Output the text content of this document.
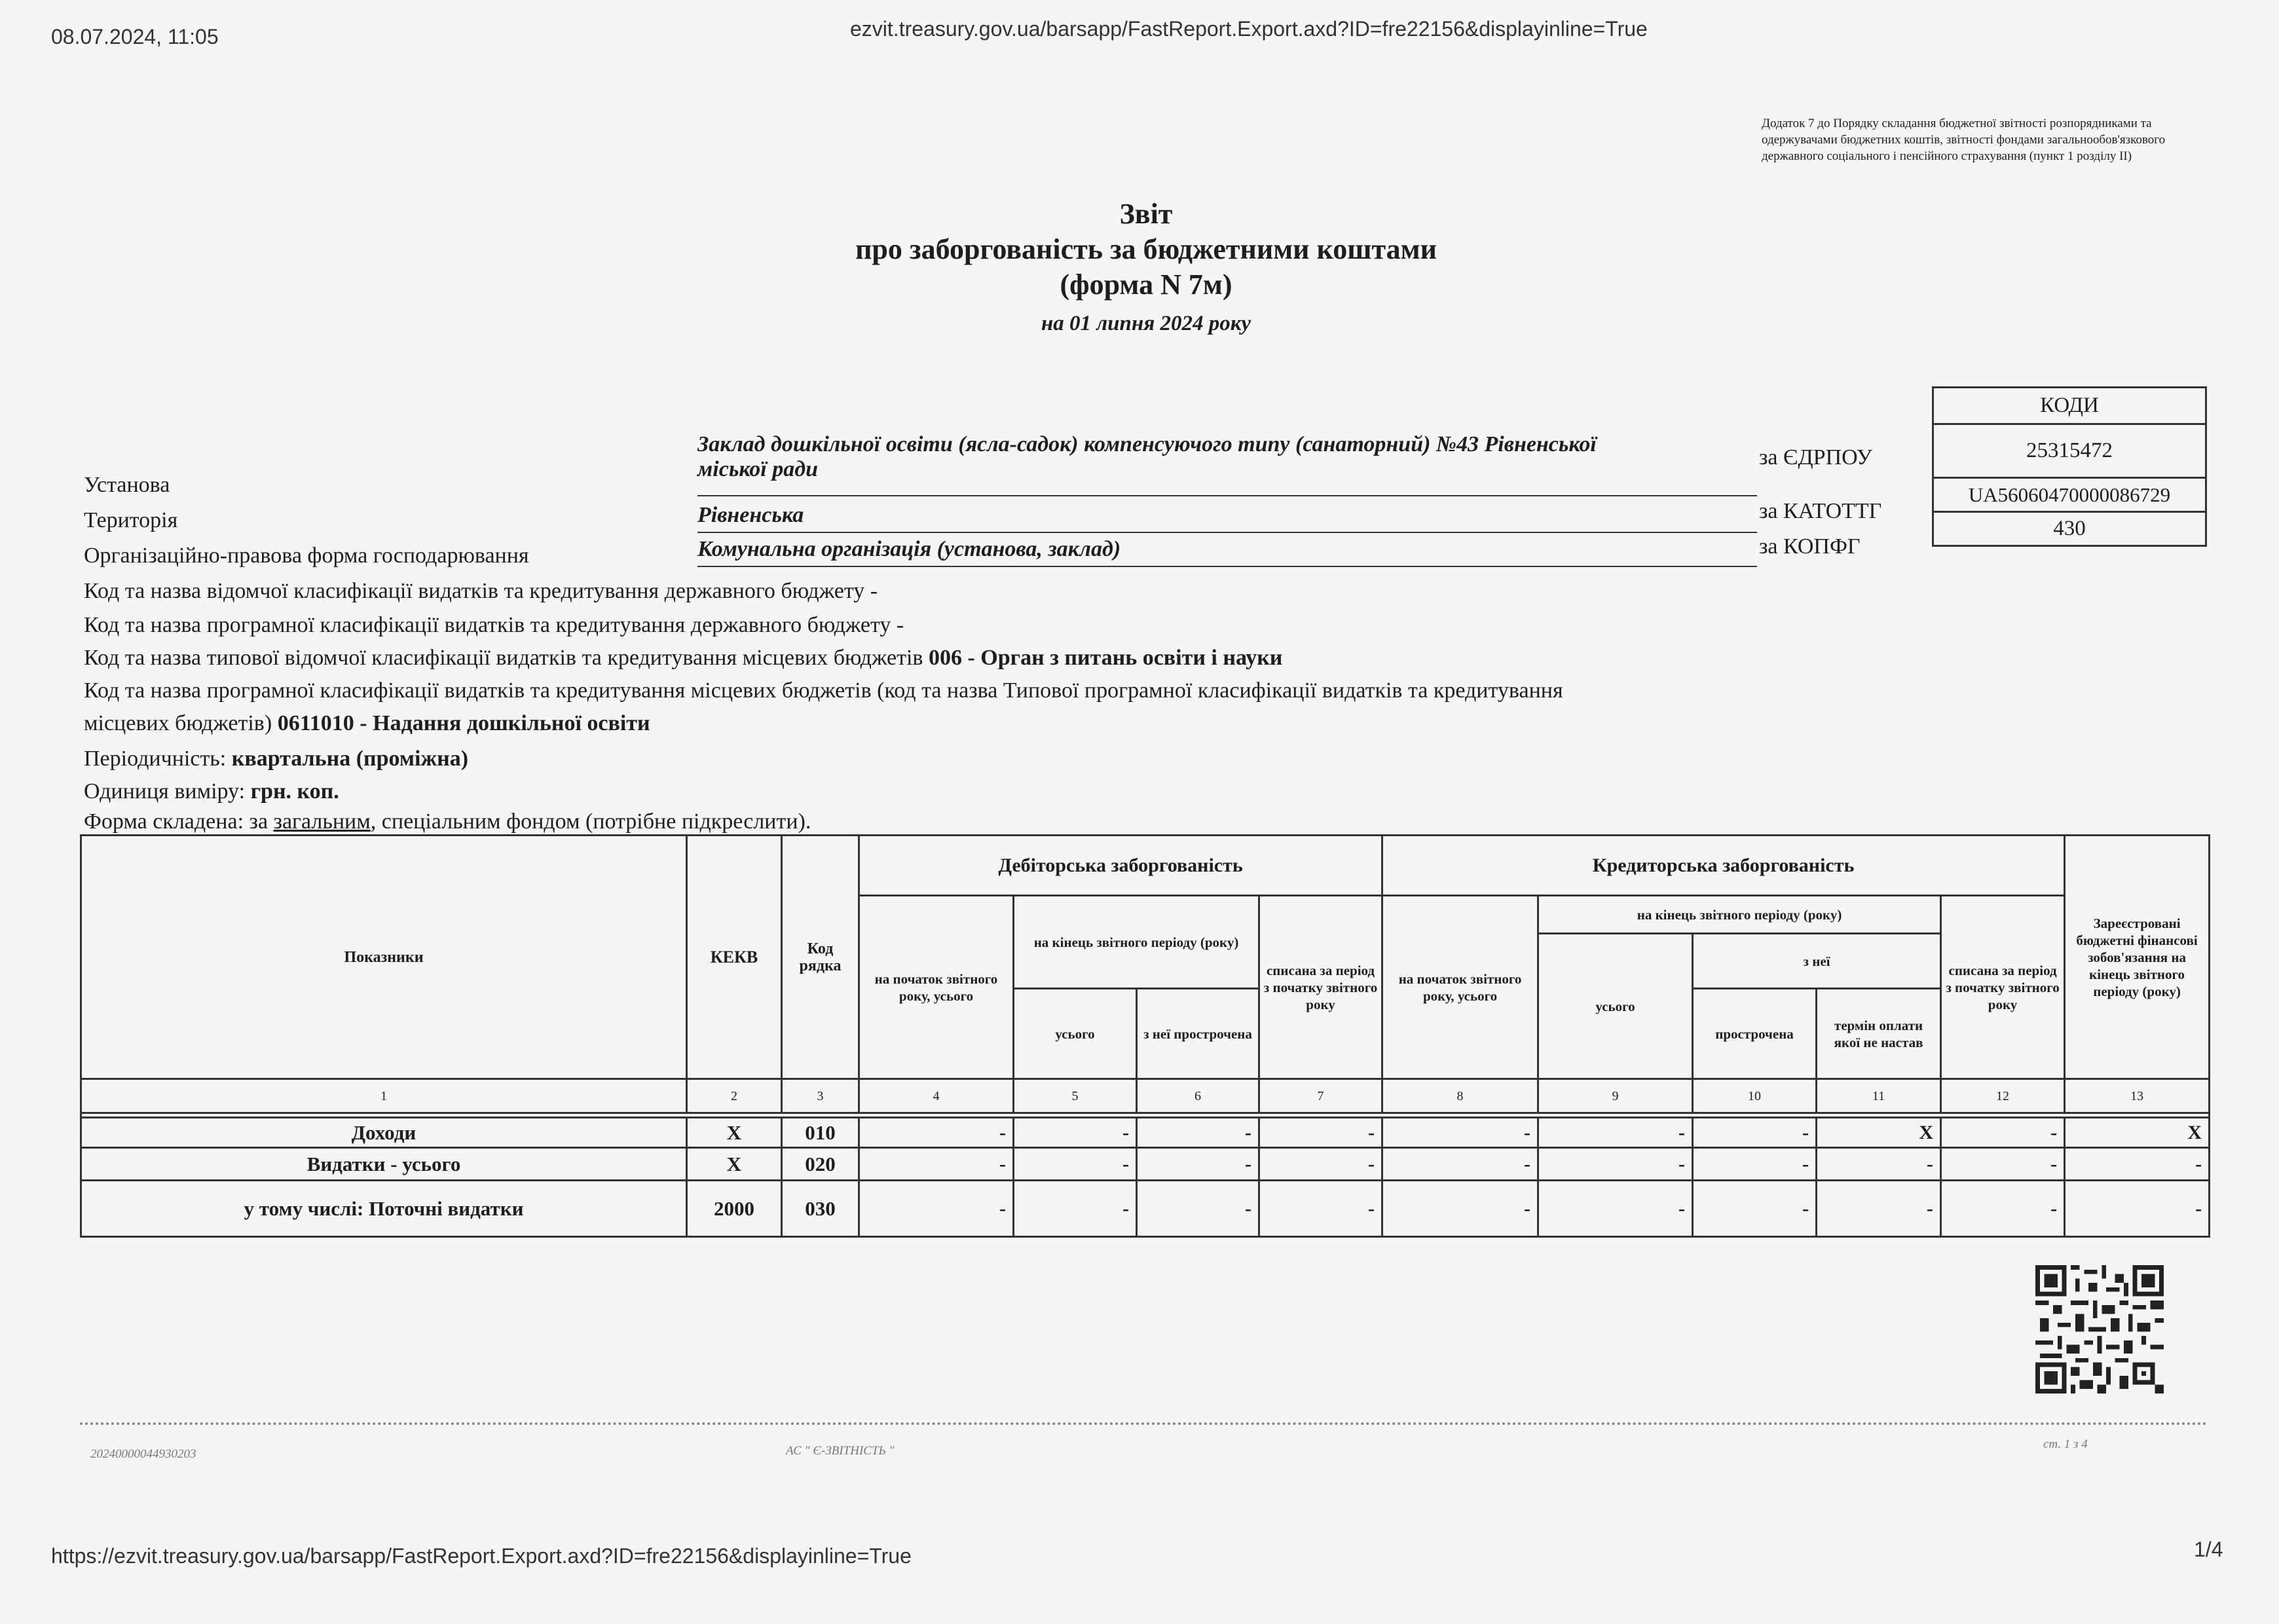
08.07.2024, 11:05	ezvit.treasury.gov.ua/barsapp/FastReport.Export.axd?ID=fre22156&displayinline=True
Додаток 7 до Порядку складання бюджетної звітності розпорядниками та одержувачами бюджетних коштів, звітності фондами загальнообов'язкового державного соціального і пенсійного страхування (пункт 1 розділу II)
Звіт
про заборгованість за бюджетними коштами
(форма N 7м)
на 01 липня 2024 року
КОДИ
25315472
UA56060470000086729
430
за ЄДРПОУ
за КАТОТТГ
за КОПФГ
Установа
Заклад дошкільної освіти (ясла-садок) компенсуючого типу (санаторний) №43 Рівненської
міської ради
Територія	Рівненська
Організаційно-правова форма господарювання	Комунальна організація (установа, заклад)
Код та назва відомчої класифікації видатків та кредитування державного бюджету -
Код та назва програмної класифікації видатків та кредитування державного бюджету -
Код та назва типової відомчої класифікації видатків та кредитування місцевих бюджетів 006 - Орган з питань освіти і науки
Код та назва програмної класифікації видатків та кредитування місцевих бюджетів (код та назва Типової програмної класифікації видатків та кредитування
місцевих бюджетів) 0611010 - Надання дошкільної освіти
Періодичність: квартальна (проміжна)
Одиниця виміру: грн. коп.
Форма складена: за загальним, спеціальним фондом (потрібне підкреслити).
Показники	КЕКВ	Код рядка	Дебіторська заборгованість				Кредиторська заборгованість					Зареєстровані бюджетні фінансові зобов'язання на кінець звітного періоду (року)
			на початок звітного року, усього	на кінець звітного періоду (року)		списана за період з початку звітного року	на початок звітного року, усього	на кінець звітного періоду (року)			списана за період з початку звітного року	
								усього	з неї			
				усього	з неї прострочена				прострочена	термін оплати якої не настав		
1	2	3	4	5	6	7	8	9	10	11	12	13

Доходи	Х	010	-	-	-	-	-	-	-	Х	-	Х
Видатки - усього	Х	020	-	-	-	-	-	-	-	-	-	-
у тому числі: Поточні видатки	2000	030	-	-	-	-	-	-	-	-	-	-
20240000044930203	АС " Є-ЗВІТНІСТЬ "	ст. 1 з 4
https://ezvit.treasury.gov.ua/barsapp/FastReport.Export.axd?ID=fre22156&displayinline=True	1/4
